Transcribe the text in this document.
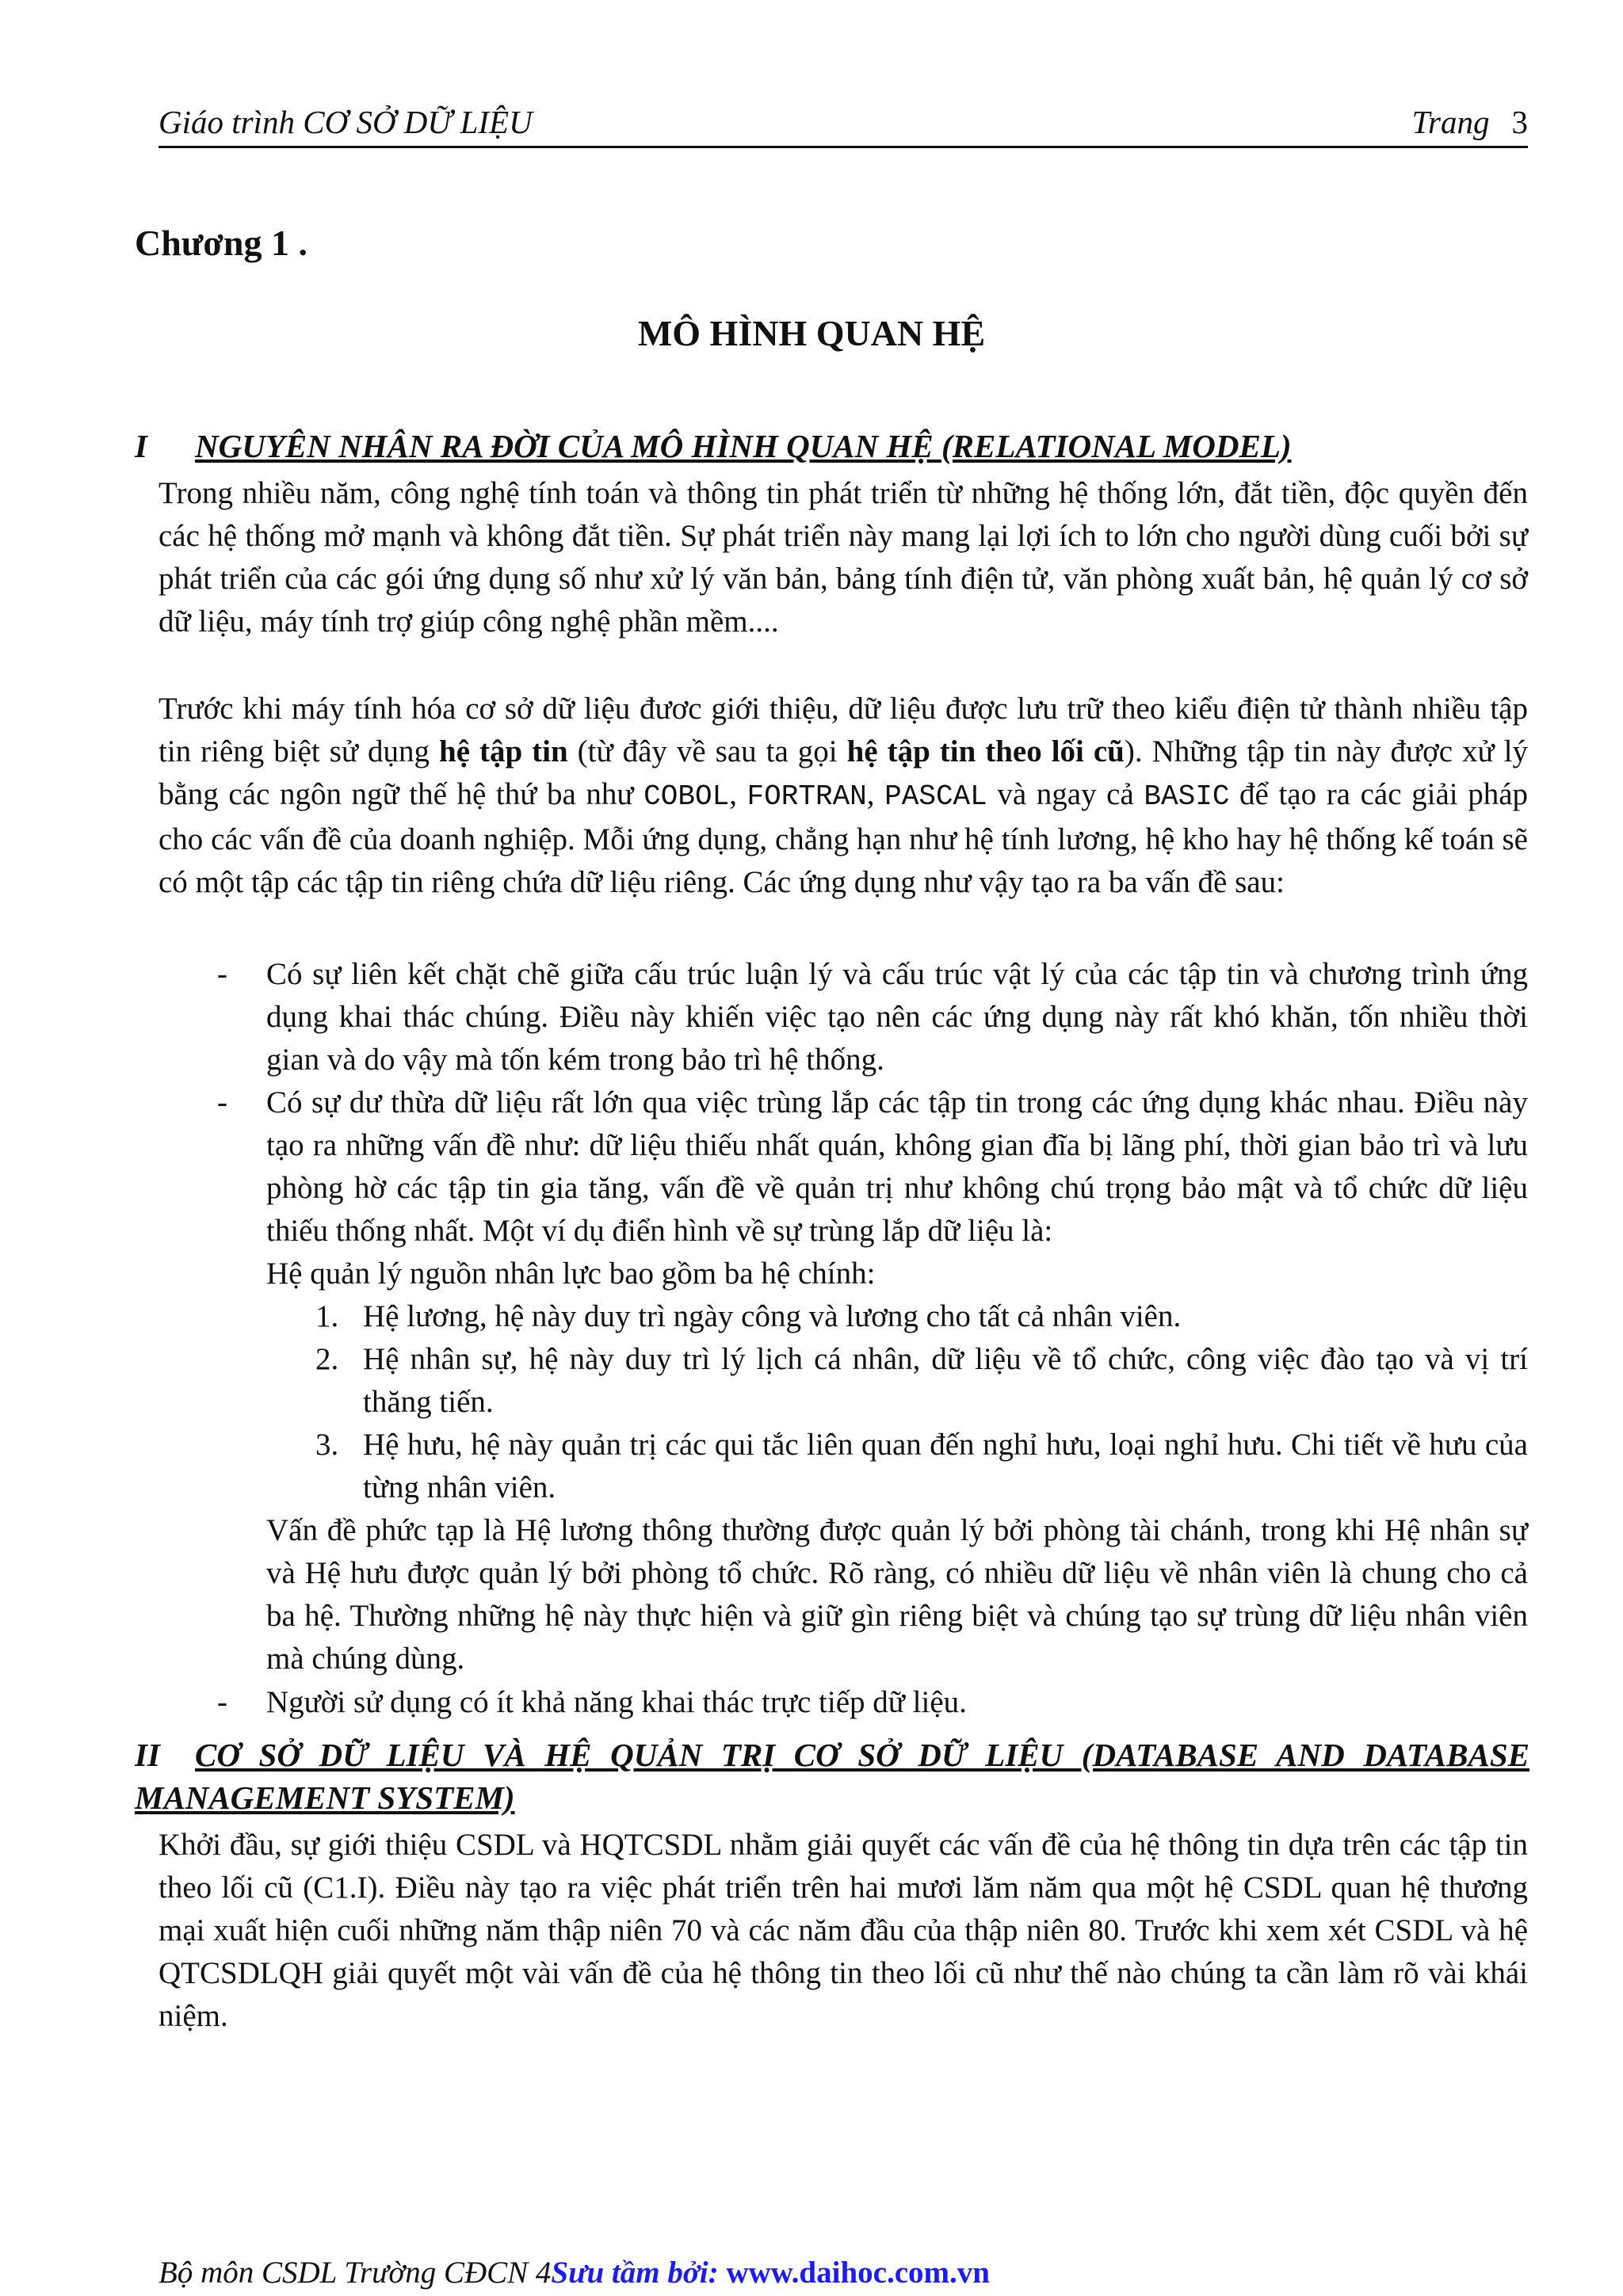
Giáo trình CƠ SỞ DỮ LIỆU	Trang 3
Chương 1 .
MÔ HÌNH QUAN HỆ
I NGUYÊN NHÂN RA ĐỜI CỦA MÔ HÌNH QUAN HỆ (RELATIONAL MODEL)

Trong nhiều năm, công nghệ tính toán và thông tin phát triển từ những hệ thống lớn, đắt tiền, độc quyền đến các hệ thống mở mạnh và không đắt tiền. Sự phát triển này mang lại lợi ích to lớn cho người dùng cuối bởi sự phát triển của các gói ứng dụng số như xử lý văn bản, bảng tính điện tử, văn phòng xuất bản, hệ quản lý cơ sở dữ liệu, máy tính trợ giúp công nghệ phần mềm....

Trước khi máy tính hóa cơ sở dữ liệu đươc giới thiệu, dữ liệu được lưu trữ theo kiểu điện tử thành nhiều tập tin riêng biệt sử dụng hệ tập tin (từ đây về sau ta gọi hệ tập tin theo lối cũ). Những tập tin này được xử lý bằng các ngôn ngữ thế hệ thứ ba như COBOL, FORTRAN, PASCAL và ngay cả BASIC để tạo ra các giải pháp cho các vấn đề của doanh nghiệp. Mỗi ứng dụng, chẳng hạn như hệ tính lương, hệ kho hay hệ thống kế toán sẽ có một tập các tập tin riêng chứa dữ liệu riêng. Các ứng dụng như vậy tạo ra ba vấn đề sau:

- Có sự liên kết chặt chẽ giữa cấu trúc luận lý và cấu trúc vật lý của các tập tin và chương trình ứng dụng khai thác chúng. Điều này khiến việc tạo nên các ứng dụng này rất khó khăn, tốn nhiều thời gian và do vậy mà tốn kém trong bảo trì hệ thống.

- Có sự dư thừa dữ liệu rất lớn qua việc trùng lắp các tập tin trong các ứng dụng khác nhau. Điều này tạo ra những vấn đề như: dữ liệu thiếu nhất quán, không gian đĩa bị lãng phí, thời gian bảo trì và lưu phòng hờ các tập tin gia tăng, vấn đề về quản trị như không chú trọng bảo mật và tổ chức dữ liệu thiếu thống nhất. Một ví dụ điển hình về sự trùng lắp dữ liệu là:

Hệ quản lý nguồn nhân lực bao gồm ba hệ chính:

1. Hệ lương, hệ này duy trì ngày công và lương cho tất cả nhân viên.
2. Hệ nhân sự, hệ này duy trì lý lịch cá nhân, dữ liệu về tổ chức, công việc đào tạo và vị trí thăng tiến.
3. Hệ hưu, hệ này quản trị các qui tắc liên quan đến nghỉ hưu, loại nghỉ hưu. Chi tiết về hưu của từng nhân viên.

Vấn đề phức tạp là Hệ lương thông thường được quản lý bởi phòng tài chánh, trong khi Hệ nhân sự và Hệ hưu được quản lý bởi phòng tổ chức. Rõ ràng, có nhiều dữ liệu về nhân viên là chung cho cả ba hệ. Thường những hệ này thực hiện và giữ gìn riêng biệt và chúng tạo sự trùng dữ liệu nhân viên mà chúng dùng.

- Người sử dụng có ít khả năng khai thác trực tiếp dữ liệu.

II CƠ SỞ DỮ LIỆU VÀ HỆ QUẢN TRỊ CƠ SỞ DỮ LIỆU (DATABASE AND DATABASE MANAGEMENT SYSTEM)

Khởi đầu, sự giới thiệu CSDL và HQTCSDL nhằm giải quyết các vấn đề của hệ thông tin dựa trên các tập tin theo lối cũ (C1.I). Điều này tạo ra việc phát triển trên hai mươi lăm năm qua một hệ CSDL quan hệ thương mại xuất hiện cuối những năm thập niên 70 và các năm đầu của thập niên 80. Trước khi xem xét CSDL và hệ QTCSDLQH giải quyết một vài vấn đề của hệ thông tin theo lối cũ như thế nào chúng ta cần làm rõ vài khái niệm.

Bộ môn CSDL Trường CĐCN 4Sưu tầm bởi: www.daihoc.com.vn
